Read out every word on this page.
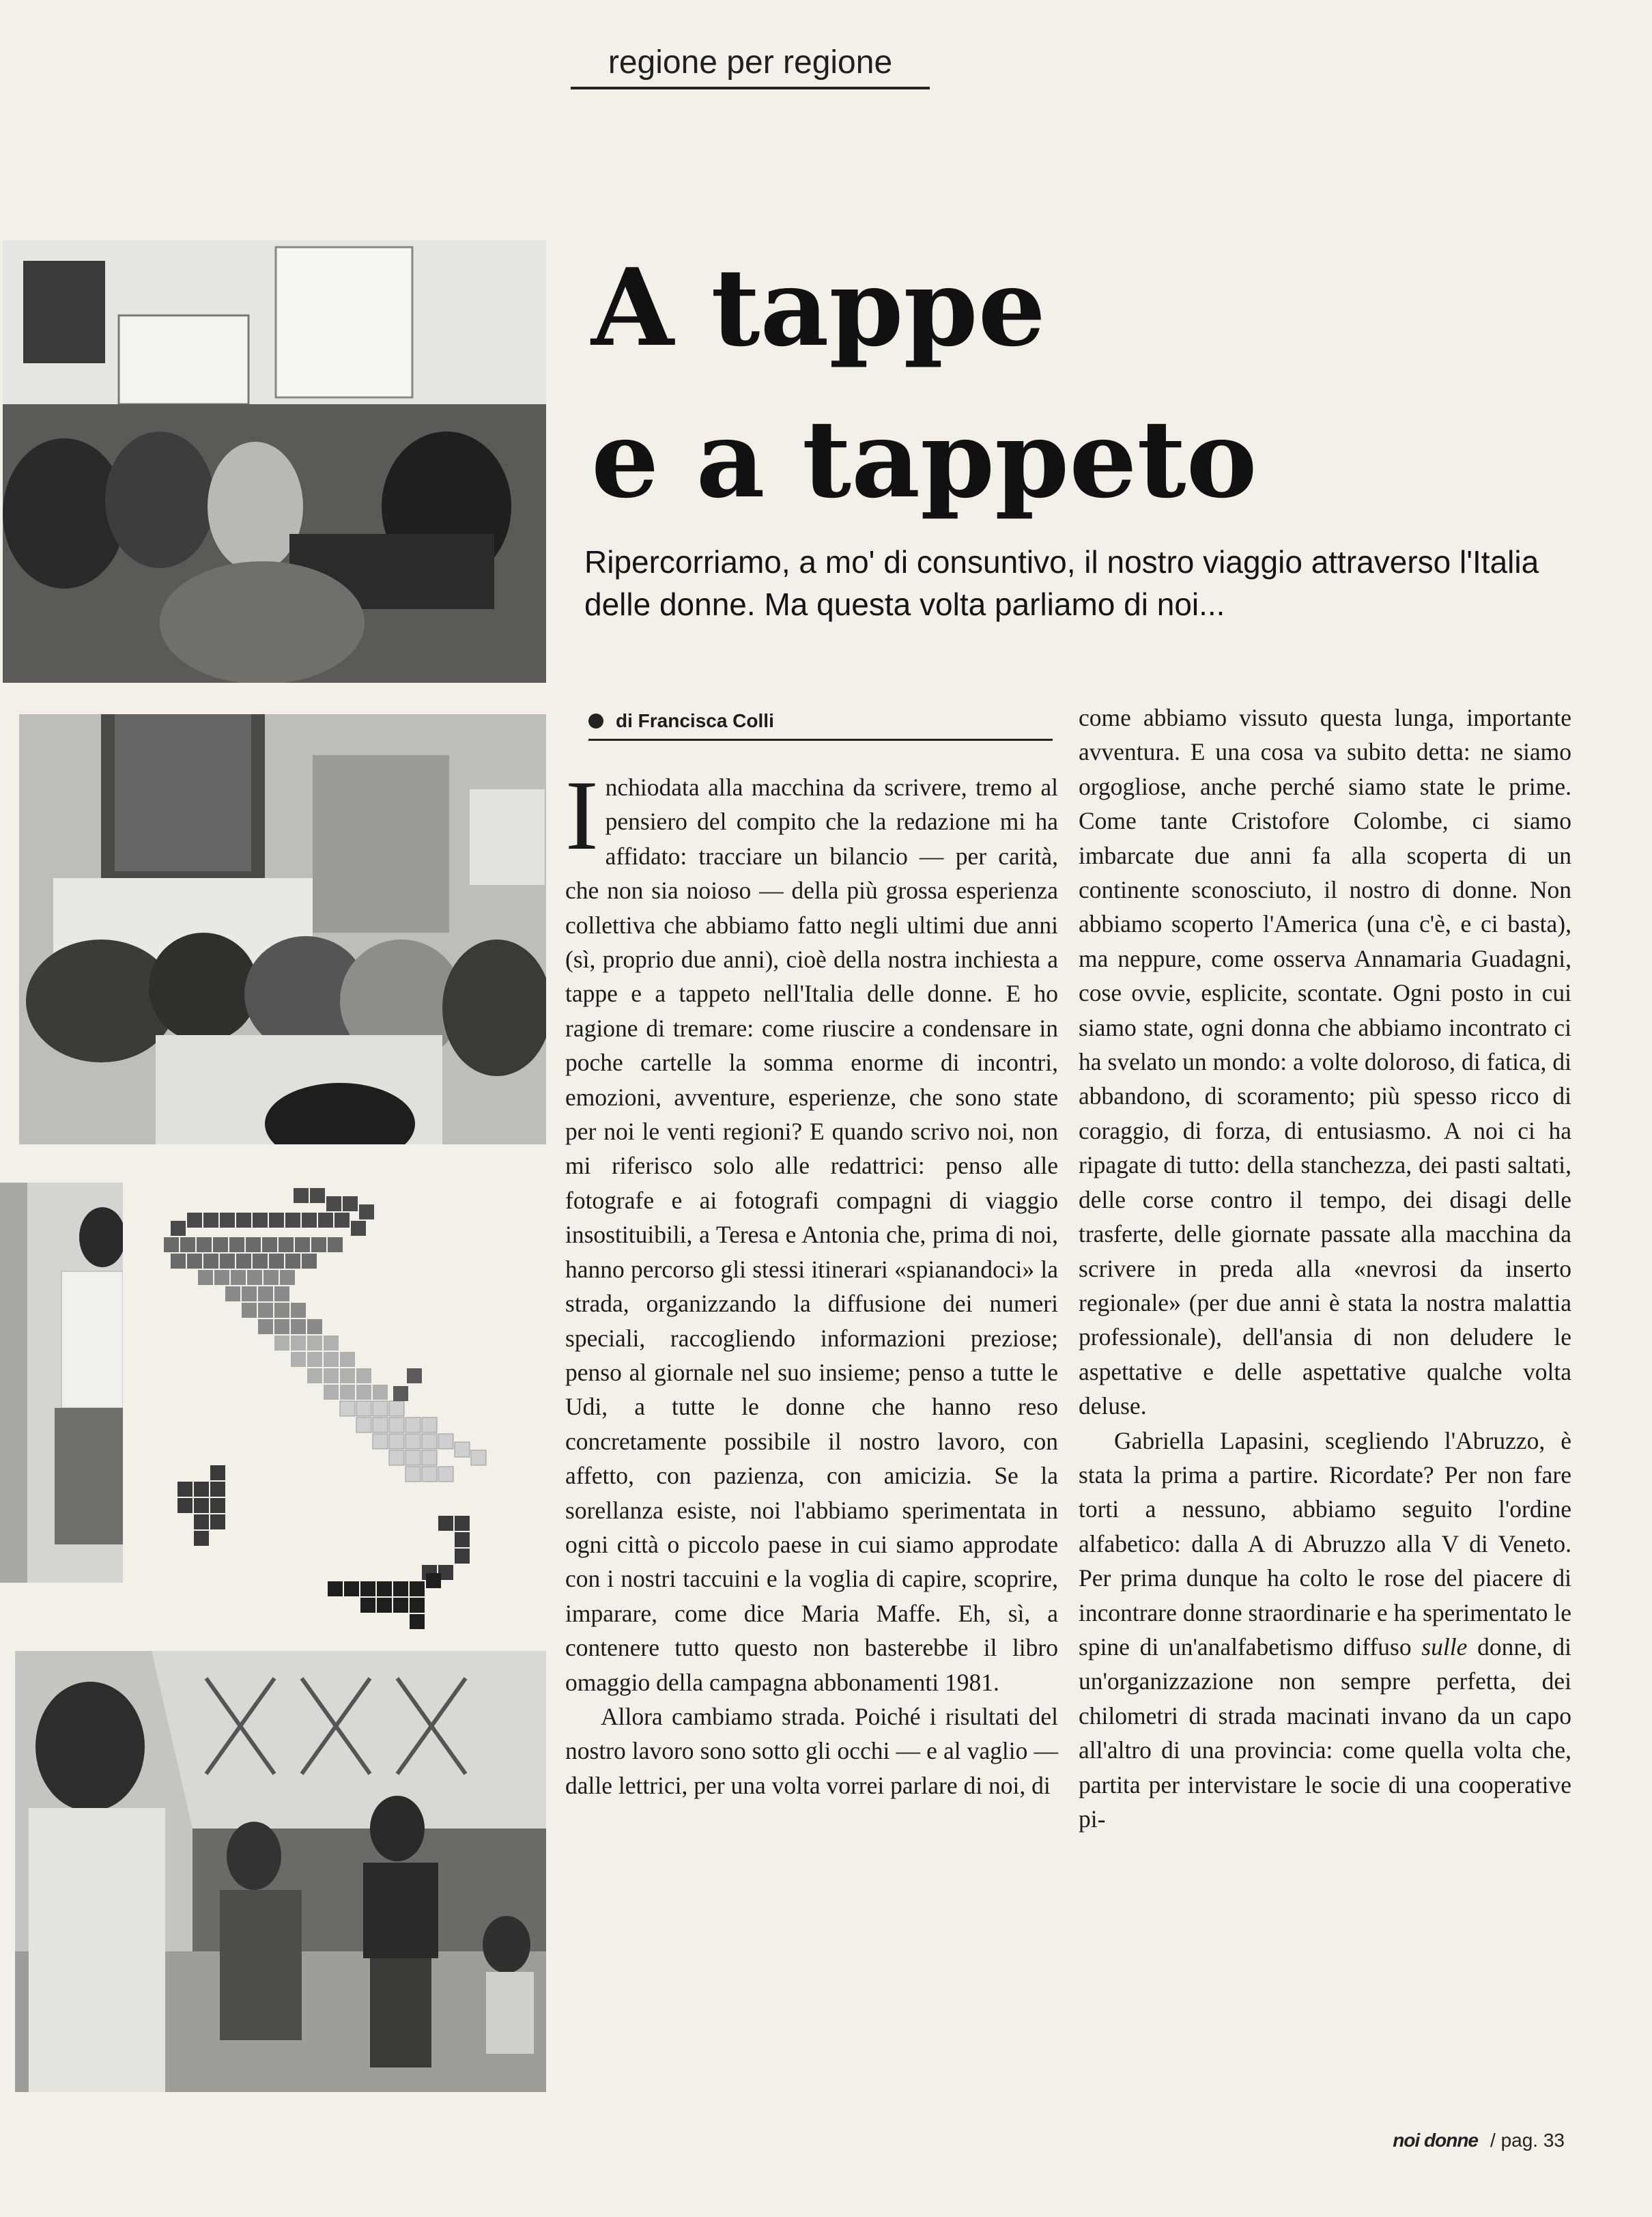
regione per regione
A tappe
e a tappeto

Ripercorriamo, a mo' di consuntivo, il nostro viaggio attraverso l'Italia delle donne. Ma questa volta parliamo di noi...

di Francisca Colli
I nchiodata alla macchina da scrivere, tremo al pensiero del compito che la redazione mi ha affidato: tracciare un bilancio — per carità, che non sia noioso — della più grossa esperienza collettiva che abbiamo fatto negli ultimi due anni (sì, proprio due anni), cioè della nostra inchiesta a tappe e a tappeto nell'Italia delle donne. E ho ragione di tremare: come riuscire a condensare in poche cartelle la somma enorme di incontri, emozioni, avventure, esperienze, che sono state per noi le venti regioni? E quando scrivo noi, non mi riferisco solo alle redattrici: penso alle fotografe e ai fotografi compagni di viaggio insostituibili, a Teresa e Antonia che, prima di noi, hanno percorso gli stessi itinerari «spianandoci» la strada, organizzando la diffusione dei numeri speciali, raccogliendo informazioni preziose; penso al giornale nel suo insieme; penso a tutte le Udi, a tutte le donne che hanno reso concretamente possibile il nostro lavoro, con affetto, con pazienza, con amicizia. Se la sorellanza esiste, noi l'abbiamo sperimentata in ogni città o piccolo paese in cui siamo approdate con i nostri taccuini e la voglia di capire, scoprire, imparare, come dice Maria Maffe. Eh, sì, a contenere tutto questo non basterebbe il libro omaggio della campagna abbonamenti 1981.

Allora cambiamo strada. Poiché i risultati del nostro lavoro sono sotto gli occhi — e al vaglio — dalle lettrici, per una volta vorrei parlare di noi, di

come abbiamo vissuto questa lunga, importante avventura. E una cosa va subito detta: ne siamo orgogliose, anche perché siamo state le prime. Come tante Cristofore Colombe, ci siamo imbarcate due anni fa alla scoperta di un continente sconosciuto, il nostro di donne. Non abbiamo scoperto l'America (una c'è, e ci basta), ma neppure, come osserva Annamaria Guadagni, cose ovvie, esplicite, scontate. Ogni posto in cui siamo state, ogni donna che abbiamo incontrato ci ha svelato un mondo: a volte doloroso, di fatica, di abbandono, di scoramento; più spesso ricco di coraggio, di forza, di entusiasmo. A noi ci ha ripagate di tutto: della stanchezza, dei pasti saltati, delle corse contro il tempo, dei disagi delle trasferte, delle giornate passate alla macchina da scrivere in preda alla «nevrosi da inserto regionale» (per due anni è stata la nostra malattia professionale), dell'ansia di non deludere le aspettative e delle aspettative qualche volta deluse.

Gabriella Lapasini, scegliendo l'Abruzzo, è stata la prima a partire. Ricordate? Per non fare torti a nessuno, abbiamo seguito l'ordine alfabetico: dalla A di Abruzzo alla V di Veneto. Per prima dunque ha colto le rose del piacere di incontrare donne straordinarie e ha sperimentato le spine di un'analfabetismo diffuso sulle donne, di un'organizzazione non sempre perfetta, dei chilometri di strada macinati invano da un capo all'altro di una provincia: come quella volta che, partita per intervistare le socie di una cooperative pi-

noi donne / pag. 33
